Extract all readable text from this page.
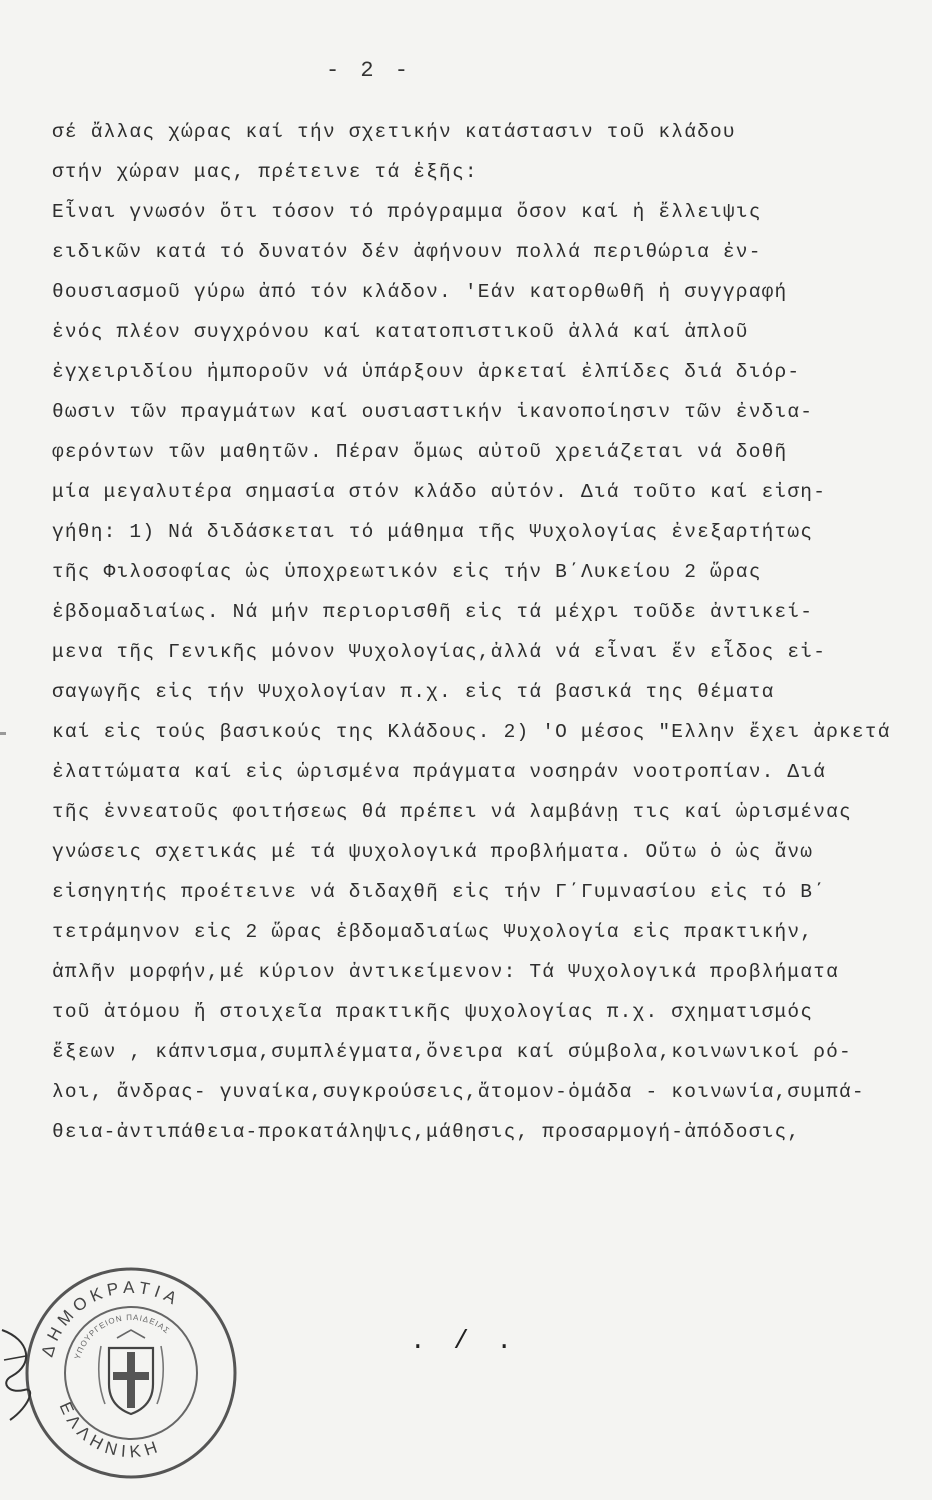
- 2 -
σέ ἄλλας χώρας καί τήν σχετικήν κατάστασιν τοῦ κλάδου
στήν χώραν μας, πρέτεινε τά ἑξῆς:
Εἶναι γνωσόν ὅτι τόσον τό πρόγραμμα ὅσον καί ἡ ἔλλειψις
ειδικῶν κατά τό δυνατόν δέν ἀφήνουν πολλά περιθώρια ἐν-
θουσιασμοῦ γύρω ἀπό τόν κλάδον. 'Εάν κατορθωθῆ ἡ συγγραφή
ἑνός πλέον συγχρόνου καί κατατοπιστικοῦ ἀλλά καί ἁπλοῦ
ἐγχειριδίου ἠμποροῦν νά ὑπάρξουν ἀρκεταί ἐλπίδες διά διόρ-
θωσιν τῶν πραγμάτων καί ουσιαστικήν ἱκανοποίησιν τῶν ἐνδια-
φερόντων τῶν μαθητῶν. Πέραν ὅμως αὐτοῦ χρειάζεται νά δοθῆ
μία μεγαλυτέρα σημασία στόν κλάδο αὐτόν. Διά τοῦτο καί εἰση-
γήθη: 1) Νά διδάσκεται τό μάθημα τῆς Ψυχολογίας ἐνεξαρτήτως
τῆς Φιλοσοφίας ὡς ὑποχρεωτικόν εἰς τήν Β΄Λυκείου 2 ὥρας
ἑβδομαδιαίως. Νά μήν περιορισθῆ εἰς τά μέχρι τοῦδε ἀντικεί-
μενα τῆς Γενικῆς μόνον Ψυχολογίας,ἀλλά νά εἶναι ἕν εἶδος εἰ-
σαγωγῆς εἰς τήν Ψυχολογίαν π.χ. εἰς τά βασικά της θέματα
καί εἰς τούς βασικούς της Κλάδους. 2) 'Ο μέσος "Ελλην ἔχει ἀρκετά
ἐλαττώματα καί εἰς ὡρισμένα πράγματα νοσηράν νοοτροπίαν. Διά
τῆς ἑννεατοῦς φοιτήσεως θά πρέπει νά λαμβάνῃ τις καί ὡρισμένας
γνώσεις σχετικάς μέ τά ψυχολογικά προβλήματα. Οὕτω ὁ ὡς ἄνω
εἰσηγητής προέτεινε νά διδαχθῆ εἰς τήν Γ΄Γυμνασίου εἰς τό Β΄
τετράμηνον εἰς 2 ὥρας ἑβδομαδιαίως Ψυχολογία εἰς πρακτικήν,
ἁπλῆν μορφήν,μέ κύριον ἀντικείμενον: Τά Ψυχολογικά προβλήματα
τοῦ ἀτόμου ἤ στοιχεῖα πρακτικῆς ψυχολογίας π.χ. σχηματισμός
ἕξεων , κάπνισμα,συμπλέγματα,ὄνειρα καί σύμβολα,κοινωνικοί ρό-
λοι, ἄνδρας- γυναίκα,συγκρούσεις,ἄτομον-ὁμάδα - κοινωνία,συμπά-
θεια-ἀντιπάθεια-προκατάληψις,μάθησις, προσαρμογή-ἀπόδοσις,
ΔΗΜΟΚΡΑΤΙΑ
ΕΛΛΗΝΙΚΗ
ΥΠΟΥΡΓΕΙΟΝ ΠΑΙΔΕΙΑΣ	. / .
